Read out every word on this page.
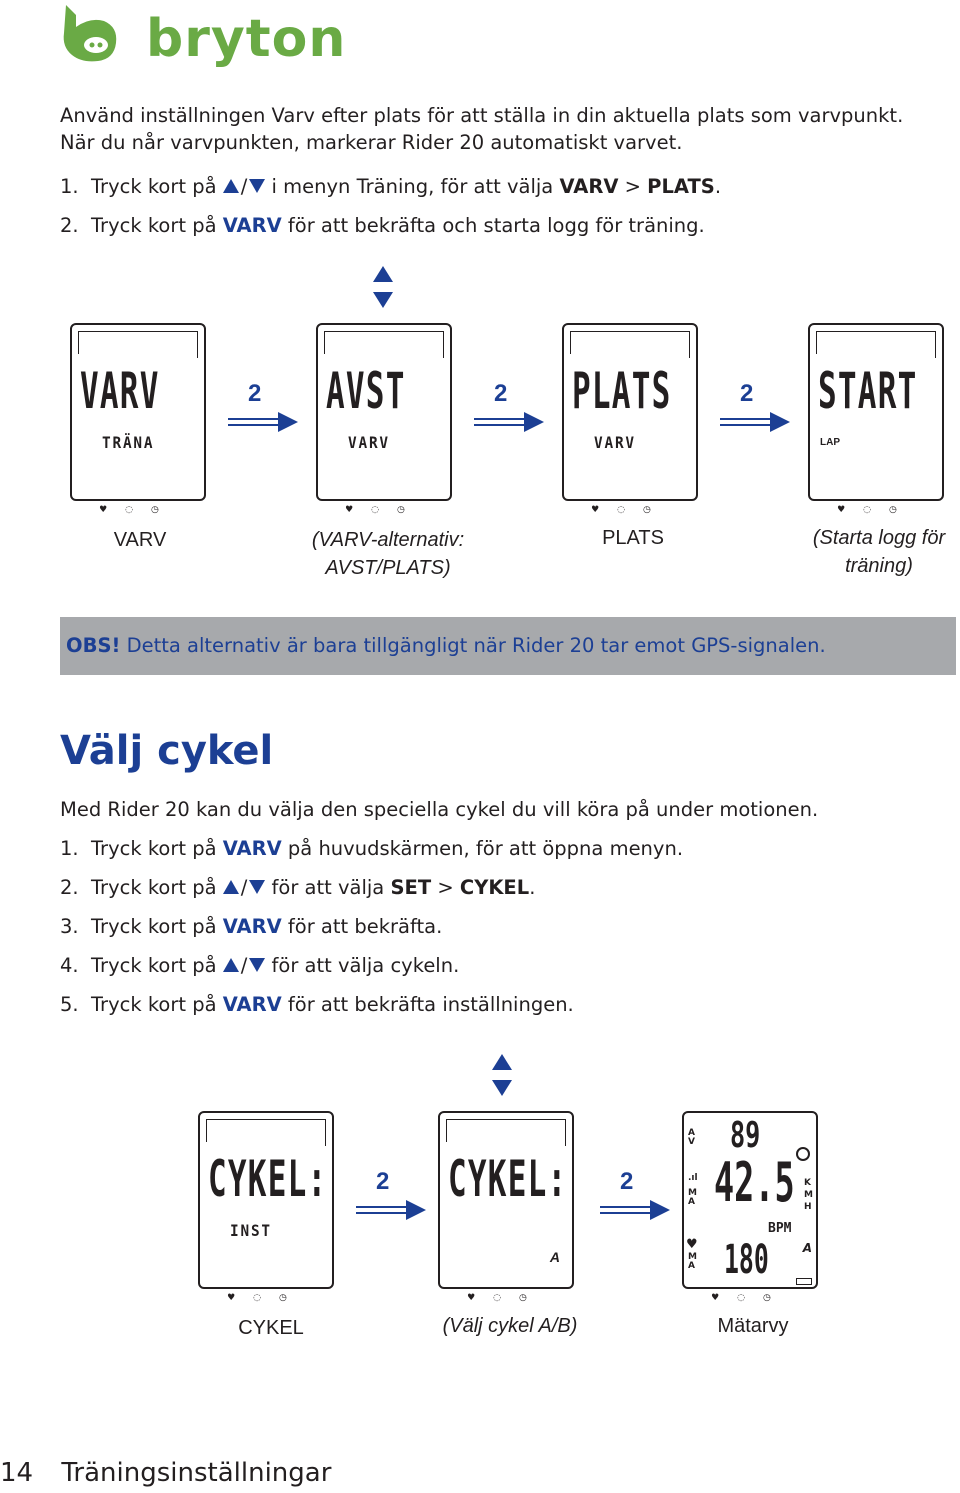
bryton
Använd inställningen Varv efter plats för att ställa in din aktuella plats som varvpunkt. När du når varvpunkten, markerar Rider 20 automatiskt varvet.
1. Tryck kort på / i menyn Träning, för att välja VARV > PLATS.
2. Tryck kort på VARV för att bekräfta och starta logg för träning.
VARV
TRÄNA
♥◌◷
AVST
VARV
♥◌◷
PLATS
VARV
♥◌◷
START
LAP
♥◌◷
2	2	2
VARV	(VARV-alternativ: AVST/PLATS)
PLATS	(Starta logg för träning)
OBS! Detta alternativ är bara tillgängligt när Rider 20 tar emot GPS-signalen.
Välj cykel
Med Rider 20 kan du välja den speciella cykel du vill köra på under motionen.
1. Tryck kort på VARV på huvudskärmen, för att öppna menyn.
2. Tryck kort på / för att välja SET > CYKEL.
3. Tryck kort på VARV för att bekräfta.
4. Tryck kort på / för att välja cykeln.
5. Tryck kort på VARV för att bekräfta inställningen.
CYKEL:
INST
♥◌◷
CYKEL:
A
♥◌◷
A V 89
.ıl
M A 42.5 K M H
BPM
♥
M A 180	A
♥◌◷
2	2
CYKEL	(Välj cykel A/B)	Mätarvy
14 Träningsinställningar
